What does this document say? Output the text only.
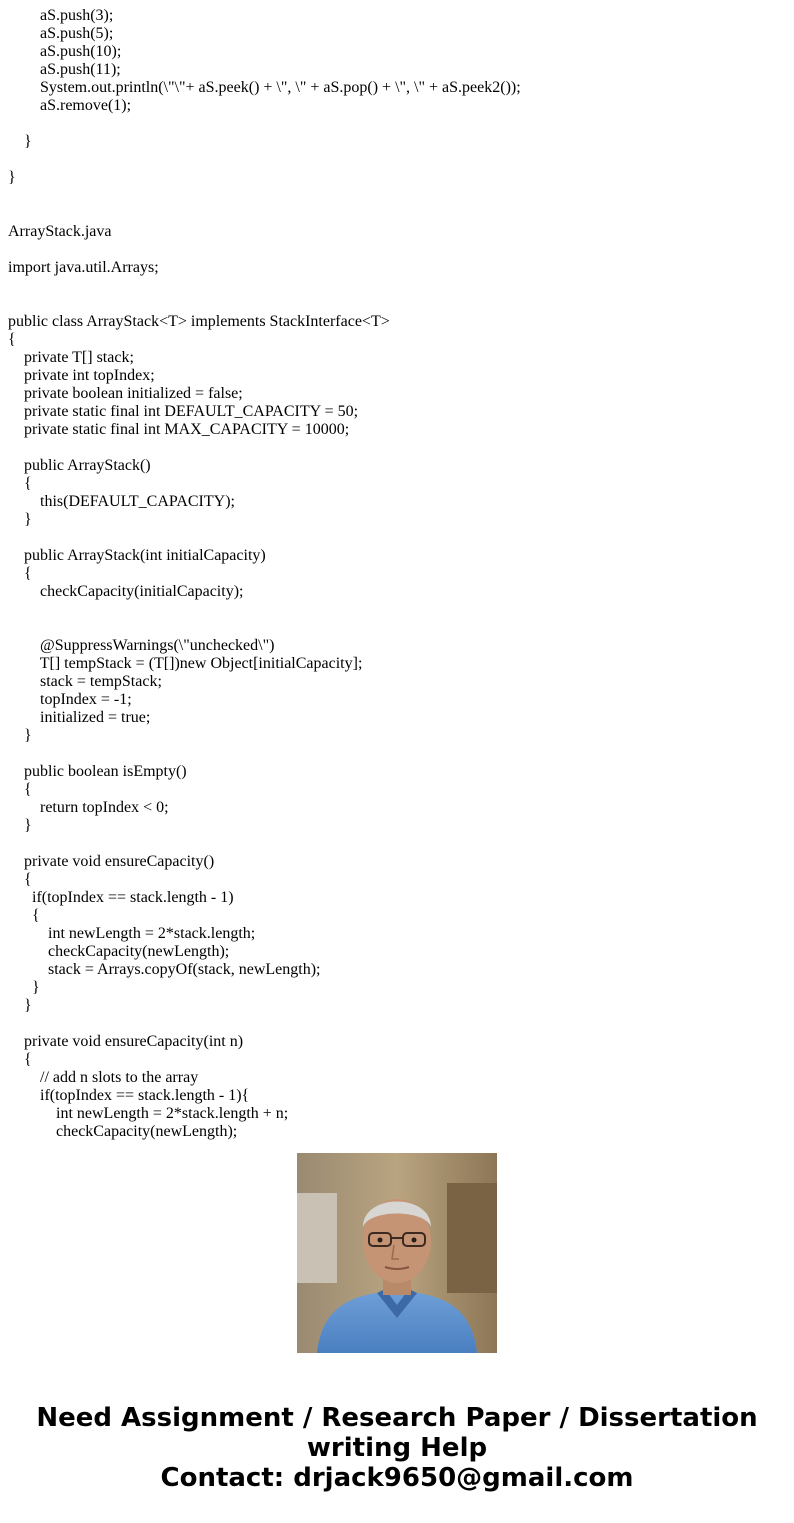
aS.push(3);
aS.push(5);
aS.push(10);
aS.push(11);
System.out.println(\"\"+ aS.peek() + \", \" + aS.pop() + \", \" + aS.peek2());
aS.remove(1);
}
}
ArrayStack.java
import java.util.Arrays;
public class ArrayStack<T> implements StackInterface<T>
{
private T[] stack;
private int topIndex;
private boolean initialized = false;
private static final int DEFAULT_CAPACITY = 50;
private static final int MAX_CAPACITY = 10000;
public ArrayStack()
{
this(DEFAULT_CAPACITY);
}
public ArrayStack(int initialCapacity)
{
checkCapacity(initialCapacity);
@SuppressWarnings(\"unchecked\")
T[] tempStack = (T[])new Object[initialCapacity];
stack = tempStack;
topIndex = -1;
initialized = true;
}
public boolean isEmpty()
{
return topIndex < 0;
}
private void ensureCapacity()
{
if(topIndex == stack.length - 1)
{
int newLength = 2*stack.length;
checkCapacity(newLength);
stack = Arrays.copyOf(stack, newLength);
}
}
private void ensureCapacity(int n)
{
// add n slots to the array
if(topIndex == stack.length - 1){
int newLength = 2*stack.length + n;
checkCapacity(newLength);
Need Assignment / Research Paper / Dissertation writing Help
Contact: drjack9650@gmail.com
